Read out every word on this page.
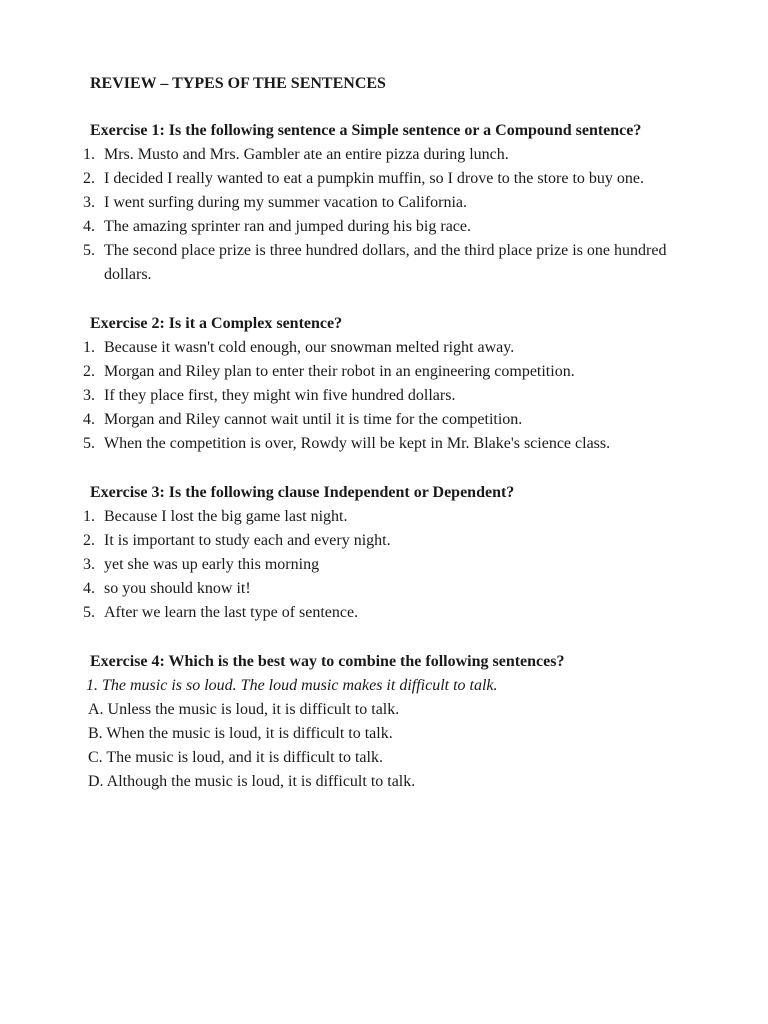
REVIEW – TYPES OF THE SENTENCES
Exercise 1: Is the following sentence a Simple sentence or a Compound sentence?
1. Mrs. Musto and Mrs. Gambler ate an entire pizza during lunch.
2. I decided I really wanted to eat a pumpkin muffin, so I drove to the store to buy one.
3. I went surfing during my summer vacation to California.
4. The amazing sprinter ran and jumped during his big race.
5. The second place prize is three hundred dollars, and the third place prize is one hundred dollars.
Exercise 2: Is it a Complex sentence?
1. Because it wasn't cold enough, our snowman melted right away.
2. Morgan and Riley plan to enter their robot in an engineering competition.
3. If they place first, they might win five hundred dollars.
4. Morgan and Riley cannot wait until it is time for the competition.
5. When the competition is over, Rowdy will be kept in Mr. Blake's science class.
Exercise 3: Is the following clause Independent or Dependent?
1. Because I lost the big game last night.
2. It is important to study each and every night.
3. yet she was up early this morning
4. so you should know it!
5. After we learn the last type of sentence.
Exercise 4: Which is the best way to combine the following sentences?
1. The music is so loud. The loud music makes it difficult to talk.
A. Unless the music is loud, it is difficult to talk.
B. When the music is loud, it is difficult to talk.
C. The music is loud, and it is difficult to talk.
D. Although the music is loud, it is difficult to talk.
